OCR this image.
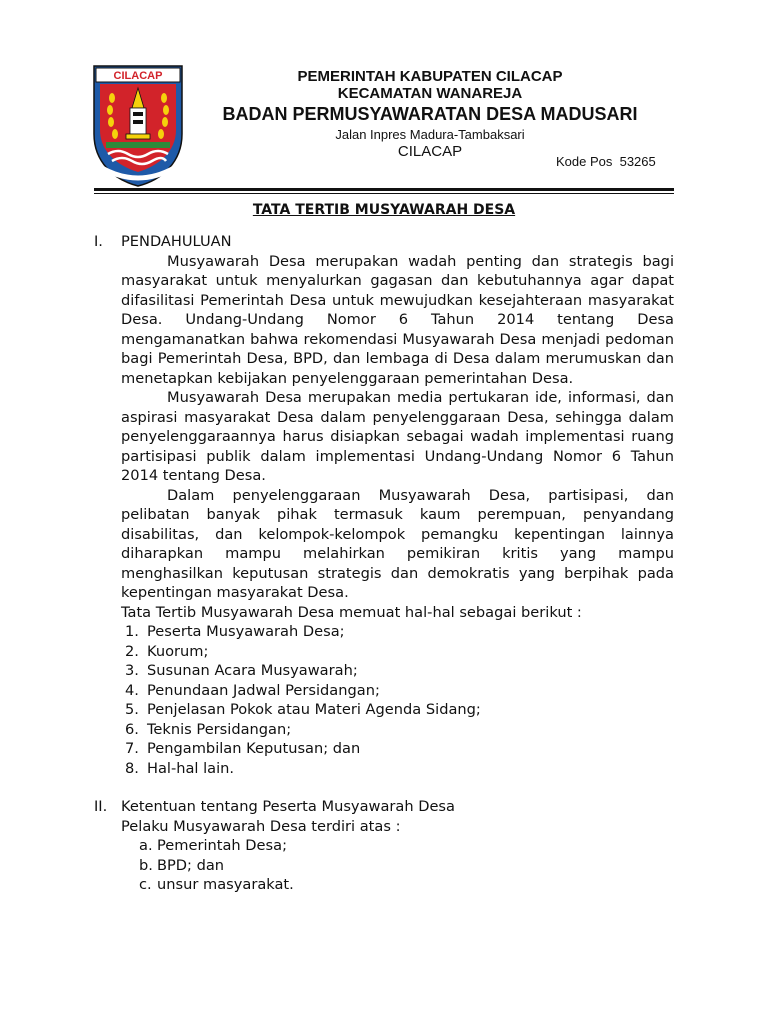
CILACAP	PEMERINTAH KABUPATEN CILACAP
KECAMATAN WANAREJA
BADAN PERMUSYAWARATAN DESA MADUSARI
Jalan Inpres Madura-Tambaksari
CILACAP
Kode Pos  53265
TATA TERTIB MUSYAWARAH DESA
I.	PENDAHULUAN

Musyawarah Desa merupakan wadah penting dan strategis bagi masyarakat untuk menyalurkan gagasan dan kebutuhannya agar dapat difasilitasi Pemerintah Desa untuk mewujudkan kesejahteraan masyarakat Desa. Undang-Undang Nomor 6 Tahun 2014 tentang Desa mengamanatkan bahwa rekomendasi Musyawarah Desa menjadi pedoman bagi Pemerintah Desa, BPD, dan lembaga di Desa dalam merumuskan dan menetapkan kebijakan penyelenggaraan pemerintahan Desa.

Musyawarah Desa merupakan media pertukaran ide, informasi, dan aspirasi masyarakat Desa dalam penyelenggaraan Desa, sehingga dalam penyelenggaraannya harus disiapkan sebagai wadah implementasi ruang partisipasi publik dalam implementasi Undang-Undang Nomor 6 Tahun 2014 tentang Desa.

Dalam penyelenggaraan Musyawarah Desa, partisipasi, dan pelibatan banyak pihak termasuk kaum perempuan, penyandang disabilitas, dan kelompok-kelompok pemangku kepentingan lainnya diharapkan mampu melahirkan pemikiran kritis yang mampu menghasilkan keputusan strategis dan demokratis yang berpihak pada kepentingan masyarakat Desa.

Tata Tertib Musyawarah Desa memuat hal-hal sebagai berikut :

1. Peserta Musyawarah Desa;
2. Kuorum;
3. Susunan Acara Musyawarah;
4. Penundaan Jadwal Persidangan;
5. Penjelasan Pokok atau Materi Agenda Sidang;
6. Teknis Persidangan;
7. Pengambilan Keputusan; dan
8. Hal-hal lain.
II. Ketentuan tentang Peserta Musyawarah Desa

Pelaku Musyawarah Desa terdiri atas :

a. Pemerintah Desa;
b. BPD; dan
c. unsur masyarakat.
